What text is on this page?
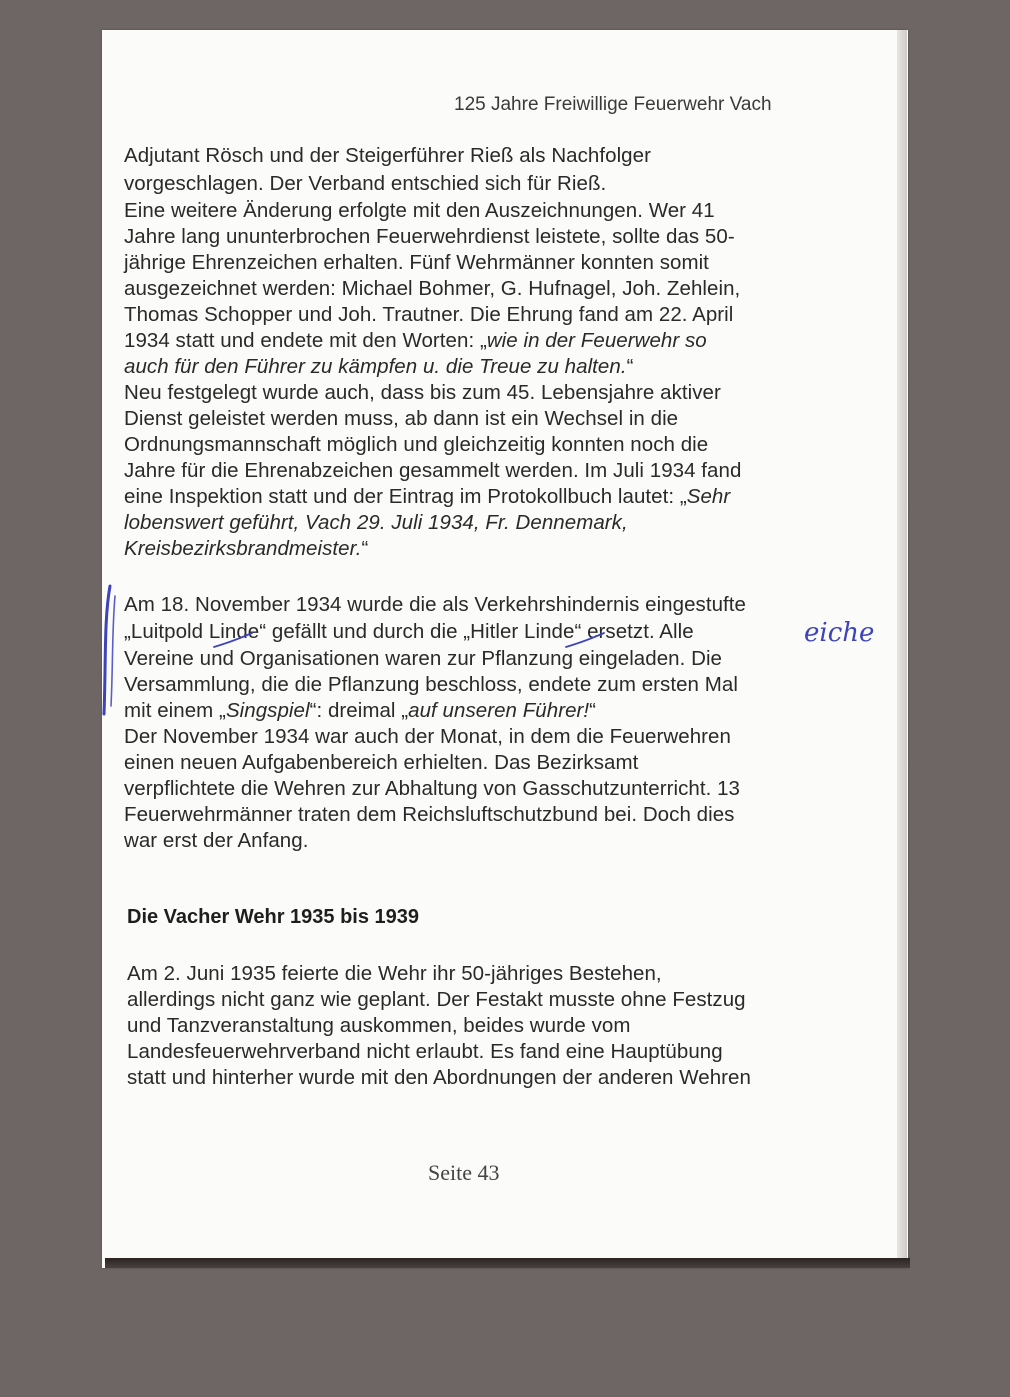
125 Jahre Freiwillige Feuerwehr Vach
Adjutant Rösch und der Steigerführer Rieß als Nachfolger
vorgeschlagen. Der Verband entschied sich für Rieß.
Eine weitere Änderung erfolgte mit den Auszeichnungen. Wer 41
Jahre lang ununterbrochen Feuerwehrdienst leistete, sollte das 50-
jährige Ehrenzeichen erhalten. Fünf Wehrmänner konnten somit
ausgezeichnet werden: Michael Bohmer, G. Hufnagel, Joh. Zehlein,
Thomas Schopper und Joh. Trautner. Die Ehrung fand am 22. April
1934 statt und endete mit den Worten: „wie in der Feuerwehr so
auch für den Führer zu kämpfen u. die Treue zu halten.“
Neu festgelegt wurde auch, dass bis zum 45. Lebensjahre aktiver
Dienst geleistet werden muss, ab dann ist ein Wechsel in die
Ordnungsmannschaft möglich und gleichzeitig konnten noch die
Jahre für die Ehrenabzeichen gesammelt werden. Im Juli 1934 fand
eine Inspektion statt und der Eintrag im Protokollbuch lautet: „Sehr
lobenswert geführt, Vach 29. Juli 1934, Fr. Dennemark,
Kreisbezirksbrandmeister.“
Am 18. November 1934 wurde die als Verkehrshindernis eingestufte
„Luitpold Linde“ gefällt und durch die „Hitler Linde“ ersetzt. Alle
Vereine und Organisationen waren zur Pflanzung eingeladen. Die
Versammlung, die die Pflanzung beschloss, endete zum ersten Mal
mit einem „Singspiel“: dreimal „auf unseren Führer!“
Der November 1934 war auch der Monat, in dem die Feuerwehren
einen neuen Aufgabenbereich erhielten. Das Bezirksamt
verpflichtete die Wehren zur Abhaltung von Gasschutzunterricht. 13
Feuerwehrmänner traten dem Reichsluftschutzbund bei. Doch dies
war erst der Anfang.
Die Vacher Wehr 1935 bis 1939
Am 2. Juni 1935 feierte die Wehr ihr 50-jähriges Bestehen,
allerdings nicht ganz wie geplant. Der Festakt musste ohne Festzug
und Tanzveranstaltung auskommen, beides wurde vom
Landesfeuerwehrverband nicht erlaubt. Es fand eine Hauptübung
statt und hinterher wurde mit den Abordnungen der anderen Wehren
Seite 43
eiche
